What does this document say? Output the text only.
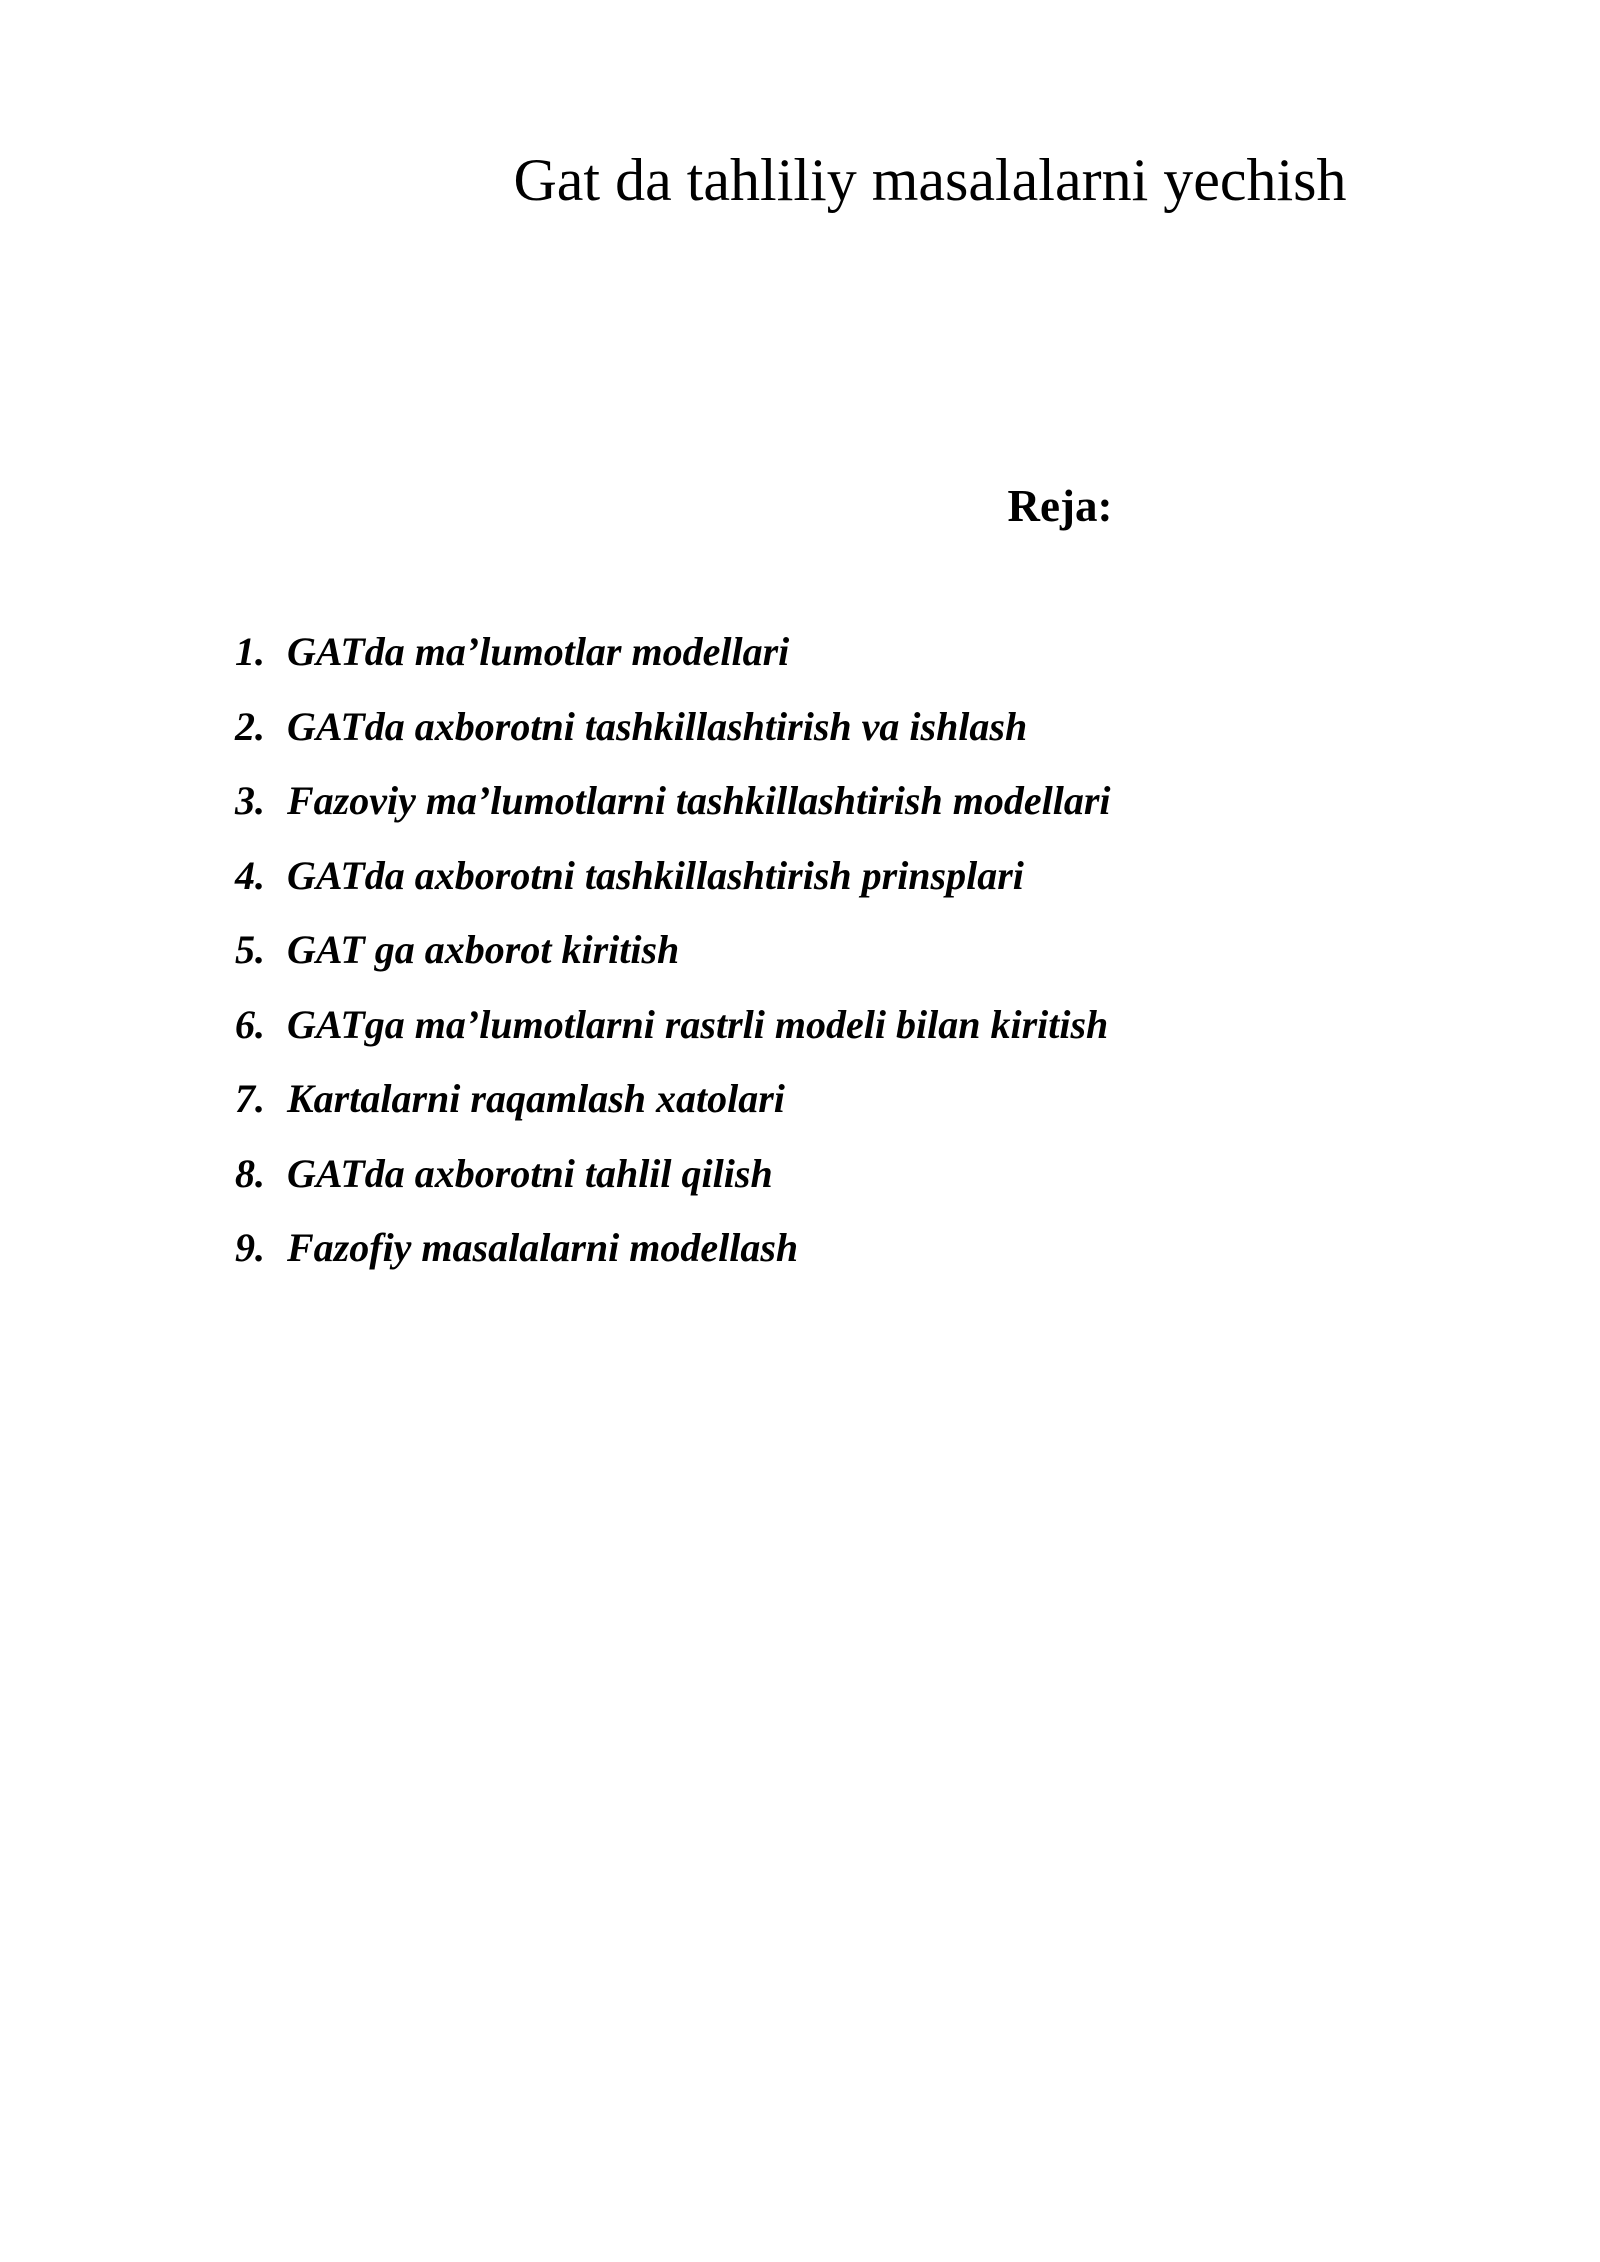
Gat da tahliliy masalalarni yechish
Reja:
1. GATda ma’lumotlar modellari
2. GATda axborotni tashkillashtirish va ishlash
3. Fazoviy ma’lumotlarni tashkillashtirish modellari
4. GATda axborotni tashkillashtirish prinsplari
5. GAT ga axborot kiritish
6. GATga ma’lumotlarni rastrli modeli bilan kiritish
7. Kartalarni raqamlash xatolari
8. GATda axborotni tahlil qilish
9. Fazofiy masalalarni modellash
